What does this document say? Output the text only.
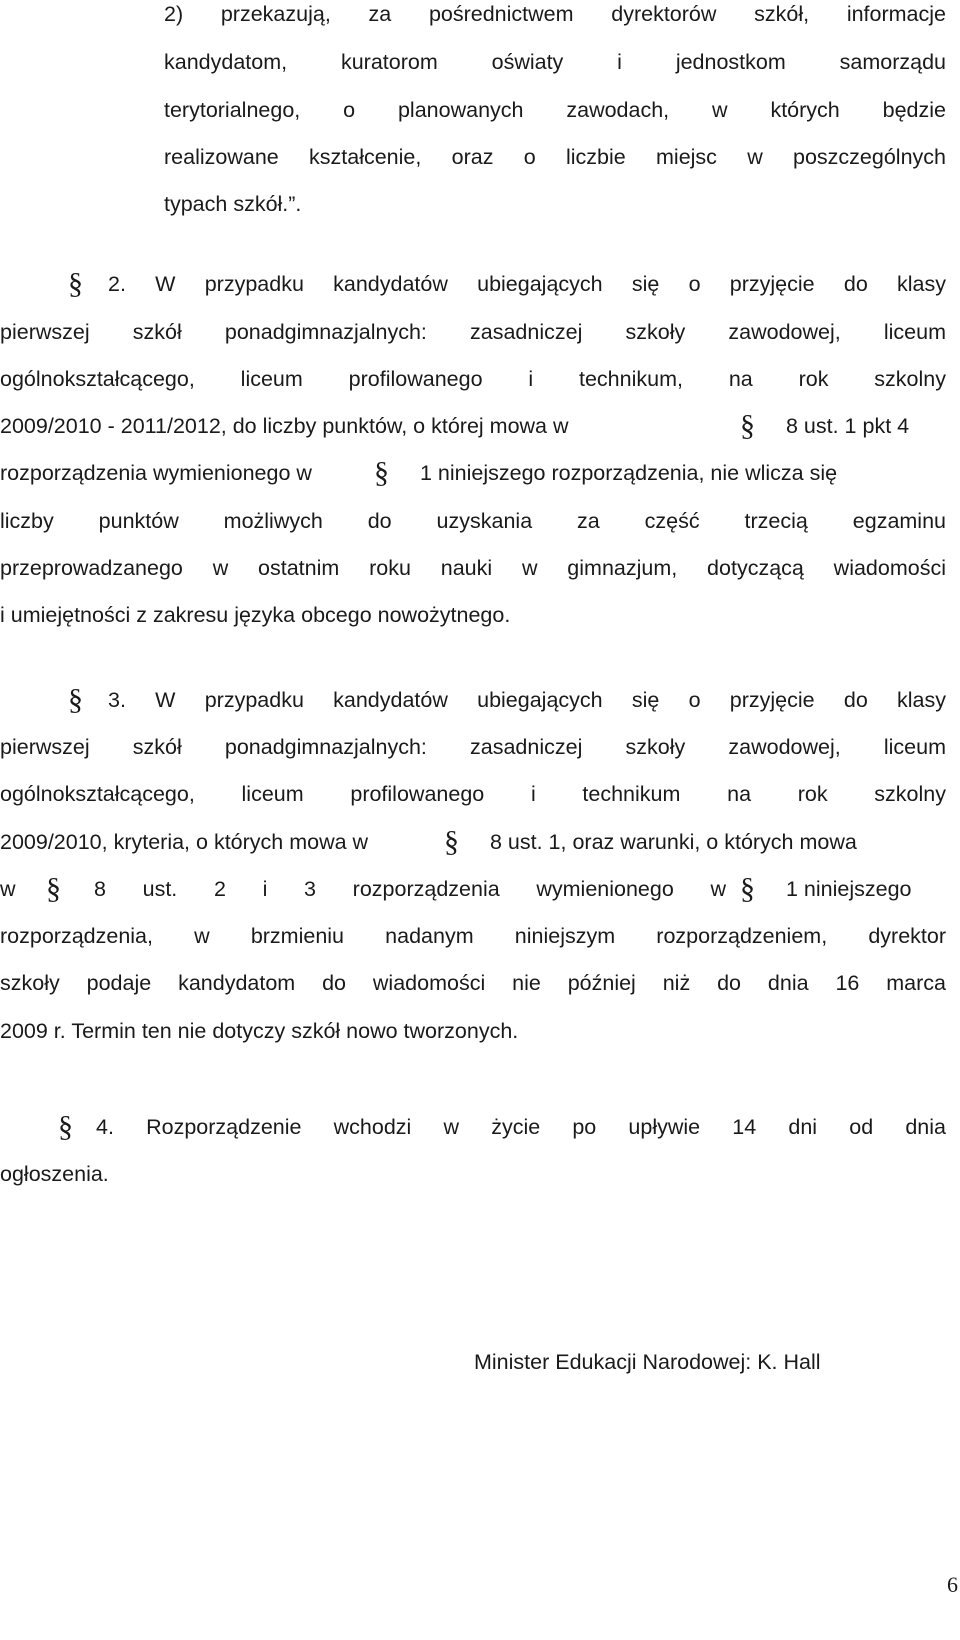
2) przekazują, za pośrednictwem dyrektorów szkół, informacje
kandydatom, kuratorom oświaty i jednostkom samorządu
terytorialnego, o planowanych zawodach, w których będzie
realizowane kształcenie, oraz o liczbie miejsc w poszczególnych
typach szkół.”.
§ 2. W przypadku kandydatów ubiegających się o przyjęcie do klasy
pierwszej szkół ponadgimnazjalnych: zasadniczej szkoły zawodowej, liceum
ogólnokształcącego, liceum profilowanego i technikum, na rok szkolny
2009/2010 - 2011/2012, do liczby punktów, o której mowa w	§ 8 ust. 1 pkt 4
rozporządzenia wymienionego w § 1 niniejszego rozporządzenia, nie wlicza się
liczby punktów możliwych do uzyskania za część trzecią egzaminu
przeprowadzanego w ostatnim roku nauki w gimnazjum, dotyczącą wiadomości
i umiejętności z zakresu języka obcego nowożytnego.
§ 3. W przypadku kandydatów ubiegających się o przyjęcie do klasy
pierwszej szkół ponadgimnazjalnych: zasadniczej szkoły zawodowej, liceum
ogólnokształcącego, liceum profilowanego i technikum na rok szkolny
2009/2010, kryteria, o których mowa w	§ 8 ust. 1, oraz warunki, o których mowa
w § 8 ust. 2 i 3 rozporządzenia wymienionego w § 1 niniejszego
rozporządzenia, w brzmieniu nadanym niniejszym rozporządzeniem, dyrektor
szkoły podaje kandydatom do wiadomości nie później niż do dnia 16 marca
2009 r. Termin ten nie dotyczy szkół nowo tworzonych.
§ 4. Rozporządzenie wchodzi w życie po upływie 14 dni od dnia
ogłoszenia.
Minister Edukacji Narodowej: K. Hall
6
